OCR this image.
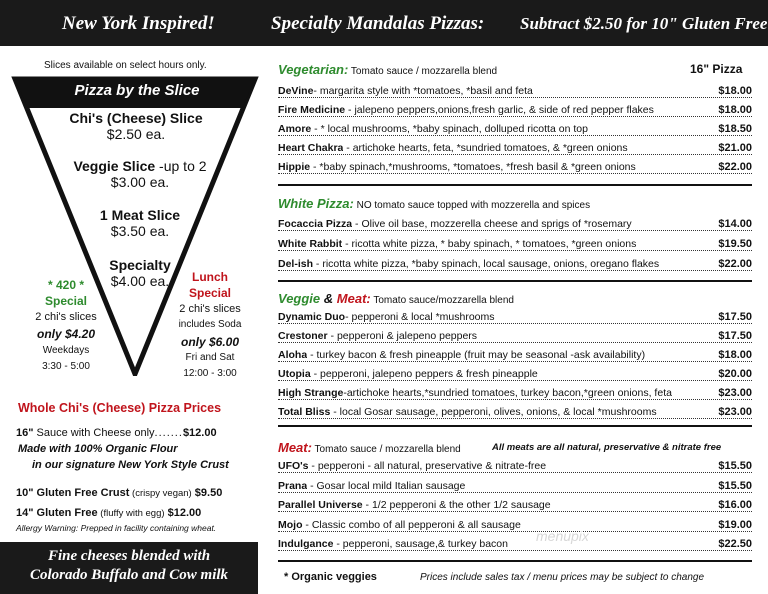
New York Inspired!	Specialty Mandalas Pizzas: Subtract $2.50 for 10" Gluten Free
Slices available on select hours only.
Pizza by the Slice
Chi's (Cheese) Slice
$2.50 ea.
Veggie Slice -up to 2
$3.00 ea.
1 Meat Slice
$3.50 ea.
Specialty
$4.00 ea.
* 420 *
Special
2 chi's slices
only $4.20
Weekdays
3:30 - 5:00
Lunch
Special
2 chi's slices
includes Soda
only $6.00
Fri and Sat
12:00 - 3:00
Whole Chi's (Cheese) Pizza Prices
16" Sauce with Cheese only.......$12.00
Made with 100% Organic Flour
in our signature New York Style Crust
10" Gluten Free Crust (crispy vegan) $9.50
14" Gluten Free (fluffy with egg) $12.00
Allergy Warning: Prepped in facility containing wheat.
Fine cheeses blended with
Colorado Buffalo and Cow milk
Vegetarian: Tomato sauce / mozzarella blend	16" Pizza
DeVine- margarita style with *tomatoes, *basil and feta	$18.00
Fire Medicine - jalepeno peppers,onions,fresh garlic, & side of red pepper flakes	$18.00
Amore - * local mushrooms, *baby spinach, dolluped ricotta on top	$18.50
Heart Chakra - artichoke hearts, feta, *sundried tomatoes, & *green onions	$21.00
Hippie - *baby spinach,*mushrooms, *tomatoes, *fresh basil & *green onions	$22.00
White Pizza: NO tomato sauce topped with mozzerella and spices
Focaccia Pizza - Olive oil base, mozzerella cheese and sprigs of *rosemary	$14.00
White Rabbit - ricotta white pizza, * baby spinach, * tomatoes, *green onions	$19.50
Del-ish - ricotta white pizza, *baby spinach, local sausage, onions, oregano flakes	$22.00
Veggie & Meat: Tomato sauce/mozzarella blend
Dynamic Duo- pepperoni & local *mushrooms	$17.50
Crestoner - pepperoni & jalepeno peppers	$17.50
Aloha - turkey bacon & fresh pineapple (fruit may be seasonal -ask availability)	$18.00
Utopia - pepperoni, jalepeno peppers & fresh pineapple	$20.00
High Strange-artichoke hearts,*sundried tomatoes, turkey bacon,*green onions, feta	$23.00
Total Bliss - local Gosar sausage, pepperoni, olives, onions, & local *mushrooms	$23.00
Meat: Tomato sauce / mozzarella blend	All meats are all natural, preservative & nitrate free
UFO's - pepperoni - all natural, preservative & nitrate-free	$15.50
Prana - Gosar local mild Italian sausage	$15.50
Parallel Universe - 1/2 pepperoni & the other 1/2 sausage	$16.00
Mojo - Classic combo of all pepperoni & all sausage	$19.00
Indulgance - pepperoni, sausage,& turkey bacon	$22.50
* Organic veggies	Prices include sales tax / menu prices may be subject to change
menupix
